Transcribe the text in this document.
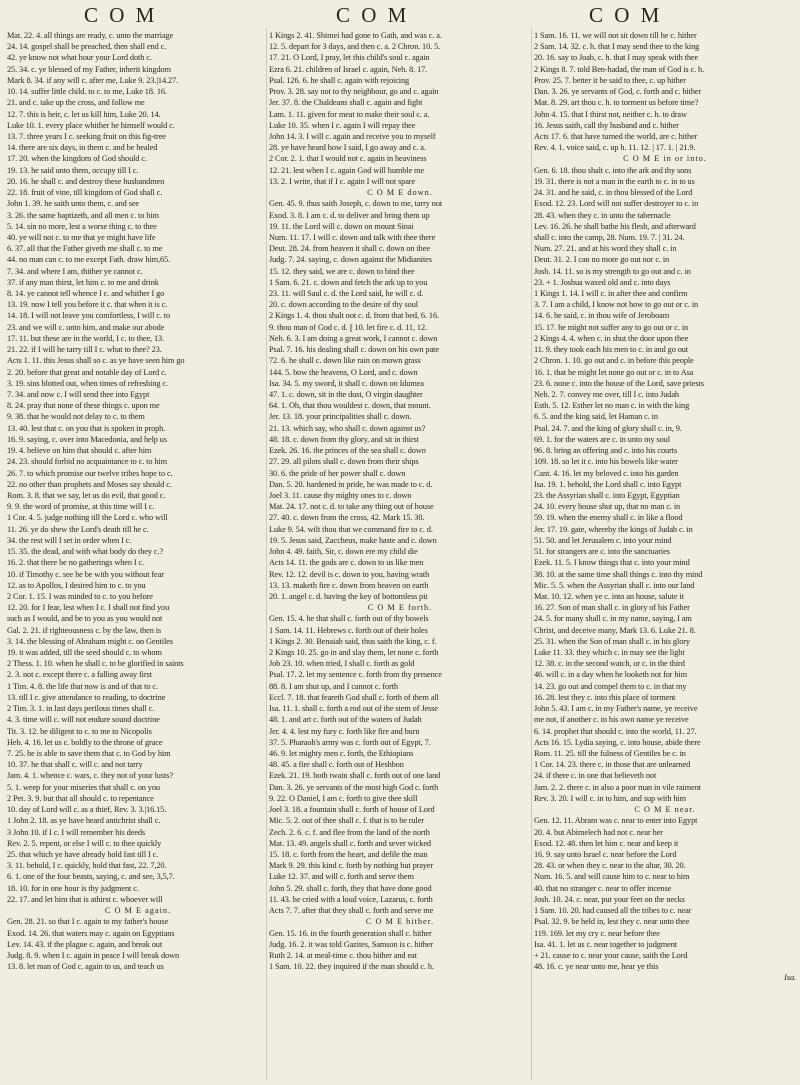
C O M	C O M	C O M
Mat. 22. 4. all things are ready, c. unto the marriage
24. 14. gospel shall be preached, then shall end c.
42. ye know not what hour your Lord doth c.
25. 34. c. ye blessed of my Father, inherit kingdom
Mark 8. 34. if any will c. after me, Luke 9. 23.|14.27.
10. 14. suffer little child. to c. to me, Luke 18. 16.
21. and c. take up the cross, and follow me
12. 7. this is heir, c. let us kill him, Luke 20. 14.
Luke 10. 1. every place whither he himself would c.
13. 7. three years I c. seeking fruit on this fig-tree
14. there are six days, in them c. and be healed
17. 20. when the kingdom of God should c.
19. 13. he said unto them, occupy till I c.
20. 16. he shall c. and destroy these husbandmen
22. 18. fruit of vine, till kingdom of God shall c.
John 1. 39. he saith unto them, c. and see
3. 26. the same baptizeth, and all men c. to him
5. 14. sin no more, lest a worse thing c. to thee
40. ye will not c. to me that ye might have life
6. 37. all that the Father giveth me shall c. to me
44. no man can c. to me except Fath. draw him,65.
7. 34. and where I am, thither ye cannot c.
37. if any man thirst, let him c. to me and drink
8. 14. ye cannot tell whence I c. and whither I go
13. 19. now I tell you before it c. that when it is c.
14. 18. I will not leave you comfortless, I will c. to
23. and we will c. unto him, and make our abode
17. 11. but these are in the world, I c. to thee, 13.
21. 22. if I will he tarry till I c. what to thee? 23.
Acts 1. 11. this Jesus shall so c. as ye have seen him go
2. 20. before that great and notable day of Lord c.
3. 19. sins blotted out, when times of refreshing c.
7. 34. and now c. I will send thee into Egypt
8. 24. pray that none of these things c. upon me
9. 38. that he would not delay to c. to them
13. 40. lest that c. on you that is spoken in proph.
16. 9. saying, c. over into Macedonia, and help us
19. 4. believe on him that should c. after him
24. 23. should forbid no acquaintance to c. to him
26. 7. to which promise our twelve tribes hope to c.
22. no other than prophets and Moses say should c.
Rom. 3. 8. that we say, let us do evil, that good c.
9. 9. the word of promise, at this time will I c.
1 Cor. 4. 5. judge nothing till the Lord c. who will
11. 26. ye do shew the Lord's death till he c.
34. the rest will I set in order when I c.
15. 35. the dead, and with what body do they c.?
16. 2. that there be no gatherings when I c.
10. if Timothy c. see he be with you without fear
12. as to Apollos, I desired him to c. to you
2 Cor. 1. 15. I was minded to c. to you before
12. 20. for I fear, lest when I c. I shall not find you
such as I would, and be to you as you would not
Gal. 2. 21. if righteousness c. by the law, then is
3. 14. the blessing of Abraham might c. on Gentiles
19. it was added, till the seed should c. to whom
2 Thess. 1. 10. when he shall c. to be glorified in saints
2. 3. not c. except there c. a falling away first
1 Tim. 4. 8. the life that now is and of that to c.
13. till I c. give attendance to reading, to doctrine
2 Tim. 3. 1. in last days perilous times shall c.
4. 3. time will c. will not endure sound doctrine
Tit. 3. 12. be diligent to c. to me to Nicopolis
Heb. 4. 16. let us c. boldly to the throne of grace
7. 25. he is able to save them that c. to God by him
10. 37. he that shall c. will c. and not tarry
Jam. 4. 1. whence c. wars, c. they not of your lusts?
5. 1. weep for your miseries that shall c. on you
2 Pet. 3. 9. but that all should c. to repentance
10. day of Lord will c. as a thief, Rev. 3. 3.|16.15.
1 John 2. 18. as ye have heard antichrist shall c.
3 John 10. if I c. I will remember his deeds
Rev. 2. 5. repent, or else I will c. to thee quickly
25. that which ye have already hold fast till I c.
3. 11. behold, I c. quickly, hold that fast, 22. 7,20.
6. 1. one of the four beasts, saying, c. and see, 3,5,7.
18. 10. for in one hour is thy judgment c.
22. 17. and let him that is athirst c. whoever will
C O M E again.
Gen. 28. 21. so that I c. again to my father's house
Exod. 14. 26. that waters may c. again on Egyptians
Lev. 14. 43. if the plague c. again, and break out
Judg. 8. 9. when I c. again in peace I will break down
13. 8. let man of God c. again to us, and teach us
1 Kings 2. 41. Shimei had gone to Gath, and was c. a.
12. 5. depart for 3 days, and then c. a. 2 Chron. 10. 5.
17. 21. O Lord, I pray, let this child's soul c. again
Ezra 6. 21. children of Israel c. again, Neh. 8. 17.
Psal. 126. 6. he shall c. again with rejoicing
Prov. 3. 28. say not to thy neighbour, go and c. again
Jer. 37. 8. the Chaldeans shall c. again and fight
Lam. 1. 11. given for meat to make their soul c. a.
Luke 10. 35. when I c. again I will repay thee
John 14. 3. I will c. again and receive you to myself
28. ye have heard how I said, I go away and c. a.
2 Cor. 2. 1. that I would not c. again in heaviness
12. 21. lest when I c. again God will humble me
13. 2. I write, that if I c. again I will not spare
C O M E down.
Gen. 45. 9. thus saith Joseph, c. down to me, tarry not
Exod. 3. 8. I am c. d. to deliver and bring them up
19. 11. the Lord will c. down on mount Sinai
Num. 11. 17. I will c. down and talk with thee there
Deut. 28. 24. from heaven it shall c. down on thee
Judg. 7. 24. saying, c. down against the Midianites
15. 12. they said, we are c. down to bind thee
1 Sam. 6. 21. c. down and fetch the ark up to you
23. 11. will Saul c. d. the Lord said, he will c. d.
20. c. down according to the desire of thy soul
2 Kings 1. 4. thou shalt not c. d. from that bed, 6. 16.
9. thou man of God c. d. || 10. let fire c. d. 11, 12.
Neh. 6. 3. I am doing a great work, I cannot c. down
Psal. 7. 16. his dealing shall c. down on his own pate
72. 6. he shall c. down like rain on mown grass
144. 5. bow the heavens, O Lord, and c. down
Isa. 34. 5. my sword, it shall c. down on Idumea
47. 1. c. down, sit in the dust, O virgin daughter
64. 1. Oh, that thou wouldest c. down, that mount.
Jer. 13. 18. your principalities shall c. down.
21. 13. which say, who shall c. down against us?
48. 18. c. down from thy glory, and sit in thirst
Ezek. 26. 16. the princes of the sea shall c. down
27. 29. all pilots shall c. down from their ships
30. 6. the pride of her power shall c. down
Dan. 5. 20. hardened in pride, he was made to c. d.
Joel 3. 11. cause thy mighty ones to c. down
Mat. 24. 17. not c. d. to take any thing out of house
27. 40. c. down from the cross, 42. Mark 15. 30.
Luke 9. 54. wilt thou that we command fire to c. d.
19. 5. Jesus said, Zaccheus, make haste and c. down
John 4. 49. faith, Sir, c. down ere my child die
Acts 14. 11. the gods are c. down to us like men
Rev. 12. 12. devil is c. down to you, having wrath
13. 13. maketh fire c. down from heaven on earth
20. 1. angel c. d. having the key of bottomless pit
C O M E forth.
Gen. 15. 4. he that shall c. forth out of thy bowels
1 Sam. 14. 11. Hebrews c. forth out of their holes
1 Kings 2. 30. Benaiah said, thus saith the king, c. f.
2 Kings 10. 25. go in and slay them, let none c. forth
Job 23. 10. when tried, I shall c. forth as gold
Psal. 17. 2. let my sentence c. forth from thy presence
88. 8. I am shut up, and I cannot c. forth
Eccl. 7. 18. that feareth God shall c. forth of them all
Isa. 11. 1. shall c. forth a rod out of the stem of Jesse
48. 1. and art c. forth out of the waters of Judah
Jer. 4. 4. lest my fury c. forth like fire and burn
37. 5. Pharaoh's army was c. forth out of Egypt, 7.
46. 9. let mighty men c. forth, the Ethiopians
48. 45. a fire shall c. forth out of Heshbon
Ezek. 21. 19. both twain shall c. forth out of one land
Dan. 3. 26. ye servants of the most high God c. forth
9. 22. O Daniel, I am c. forth to give thee skill
Joel 3. 18. a fountain shall c. forth of house of Lord
Mic. 5. 2. out of thee shall c. f. that is to be ruler
Zech. 2. 6. c. f. and flee from the land of the north
Mat. 13. 49. angels shall c. forth and sever wicked
15. 18. c. forth from the heart, and defile the man
Mark 9. 29. this kind c. forth by nothing but prayer
Luke 12. 37. and will c. forth and serve them
John 5. 29. shall c. forth, they that have done good
11. 43. he cried with a loud voice, Lazarus, c. forth
Acts 7. 7. after that they shall c. forth and serve me
C O M E hither.
Gen. 15. 16. in the fourth generation shall c. hither
Judg. 16. 2. it was told Gazites, Samson is c. hither
Ruth 2. 14. at meal-time c. thou hither and eat
1 Sam. 10. 22. they inquired if the man should c. h.
1 Sam. 16. 11. we will not sit down till he c. hither
2 Sam. 14. 32. c. h. that I may send thee to the king
20. 16. say to Joab, c. h. that I may speak with thee
2 Kings 8. 7. told Ben-hadad, the man of God is c. h.
Prov. 25. 7. better it be said to thee, c. up hither
Dan. 3. 26. ye servants of God, c. forth and c. hither
Mat. 8. 29. art thou c. h. to torment us before time?
John 4. 15. that I thirst not, neither c. h. to draw
16. Jesus saith, call thy husband and c. hither
Acts 17. 6. that have turned the world, are c. hither
Rev. 4. 1. voice said, c. up h. 11. 12. | 17. 1. | 21.9.
C O M E in or into.
Gen. 6. 18. thou shalt c. into the ark and thy sons
19. 31. there is not a man in the earth to c. in to us
24. 31. and he said, c. in thou blessed of the Lord
Exod. 12. 23. Lord will not suffer destroyer to c. in
28. 43. when they c. in unto the tabernacle
Lev. 16. 26. he shall bathe his flesh, and afterward
shall c. into the camp, 28. Num. 19. 7. | 31. 24.
Num. 27. 21. and at his word they shall c. in
Deut. 31. 2. I can no more go out nor c. in
Josh. 14. 11. so is my strength to go out and c. in
23. + 1. Joshua waxed old and c. into days
1 Kings 1. 14. I will c. in after thee and confirm
3. 7. I am a child, I know not how to go out or c. in
14. 6. he said, c. in thou wife of Jeroboam
15. 17. he might not suffer any to go out or c. in
2 Kings 4. 4. when c. in shut the door upon thee
11. 9. they took each his men to c. in and go out
2 Chron. 1. 10. go out and c. in before this people
16. 1. that he might let none go out or c. in to Asa
23. 6. none c. into the house of the Lord, save priests
Neh. 2. 7. convey me over, till I c. into Judah
Esth. 5. 12. Esther let no man c. in with the king
6. 5. and the king said, let Haman c. in
Psal. 24. 7. and the king of glory shall c. in, 9.
69. 1. for the waters are c. in unto my soul
96. 8. bring an offering and c. into his courts
109. 18. so let it c. into his bowels like water
Cant. 4. 16. let my beloved c. into his garden
Isa. 19. 1. behold, the Lord shall c. into Egypt
23. the Assyrian shall c. into Egypt, Egyptian
24. 10. every house shut up, that no man c. in
59. 19. when the enemy shall c. in like a flood
Jer. 17. 19. gate, whereby the kings of Judah c. in
51. 50. and let Jerusalem c. into your mind
51. for strangers are c. into the sanctuaries
Ezek. 11. 5. I know things that c. into your mind
38. 10. at the same time shall things c. into thy mind
Mic. 5. 5. when the Assyrian shall c. into our land
Mat. 10. 12. when ye c. into an house, salute it
16. 27. Son of man shall c. in glory of his Father
24. 5. for many shall c. in my name, saying, I am
Christ, and deceive many, Mark 13. 6. Luke 21. 8.
25. 31. when the Son of man shall c. in his glory
Luke 11. 33. they which c. in may see the light
12. 38. c. in the second watch, or c. in the third
46. will c. in a day when he looketh not for him
14. 23. go out and compel them to c. in that my
16. 28. lest they c. into this place of torment
John 5. 43. I am c. in my Father's name, ye receive
me not, if another c. in his own name ye receive
6. 14. prophet that should c. into the world, 11. 27.
Acts 16. 15. Lydia saying, c. into house, abide there
Rom. 11. 25. till the fulness of Gentiles be c. in
1 Cor. 14. 23. there c. in those that are unlearned
24. if there c. in one that believeth not
Jam. 2. 2. there c. in also a poor man in vile raiment
Rev. 3. 20. I will c. in to him, and sup with him
C O M E near.
Gen. 12. 11. Abram was c. near to enter into Egypt
20. 4. but Abimelech had not c. near her
Exod. 12. 48. then let him c. near and keep it
16. 9. say unto Israel c. near before the Lord
28. 43. or when they c. near to the altar, 30. 20.
Num. 16. 5. and will cause him to c. near to him
40. that no stranger c. near to offer incense
Josh. 10. 24. c. near, put your feet on the necks
1 Sam. 10. 20. had caused all the tribes to c. near
Psal. 32. 9. be held in, lest they c. near unto thee
119. 169. let my cry c. near before thee
Isa. 41. 1. let us c. near together to judgment
+ 21. cause to c. near your cause, saith the Lord
48. 16. c. ye near unto me, hear ye this
Isa.
